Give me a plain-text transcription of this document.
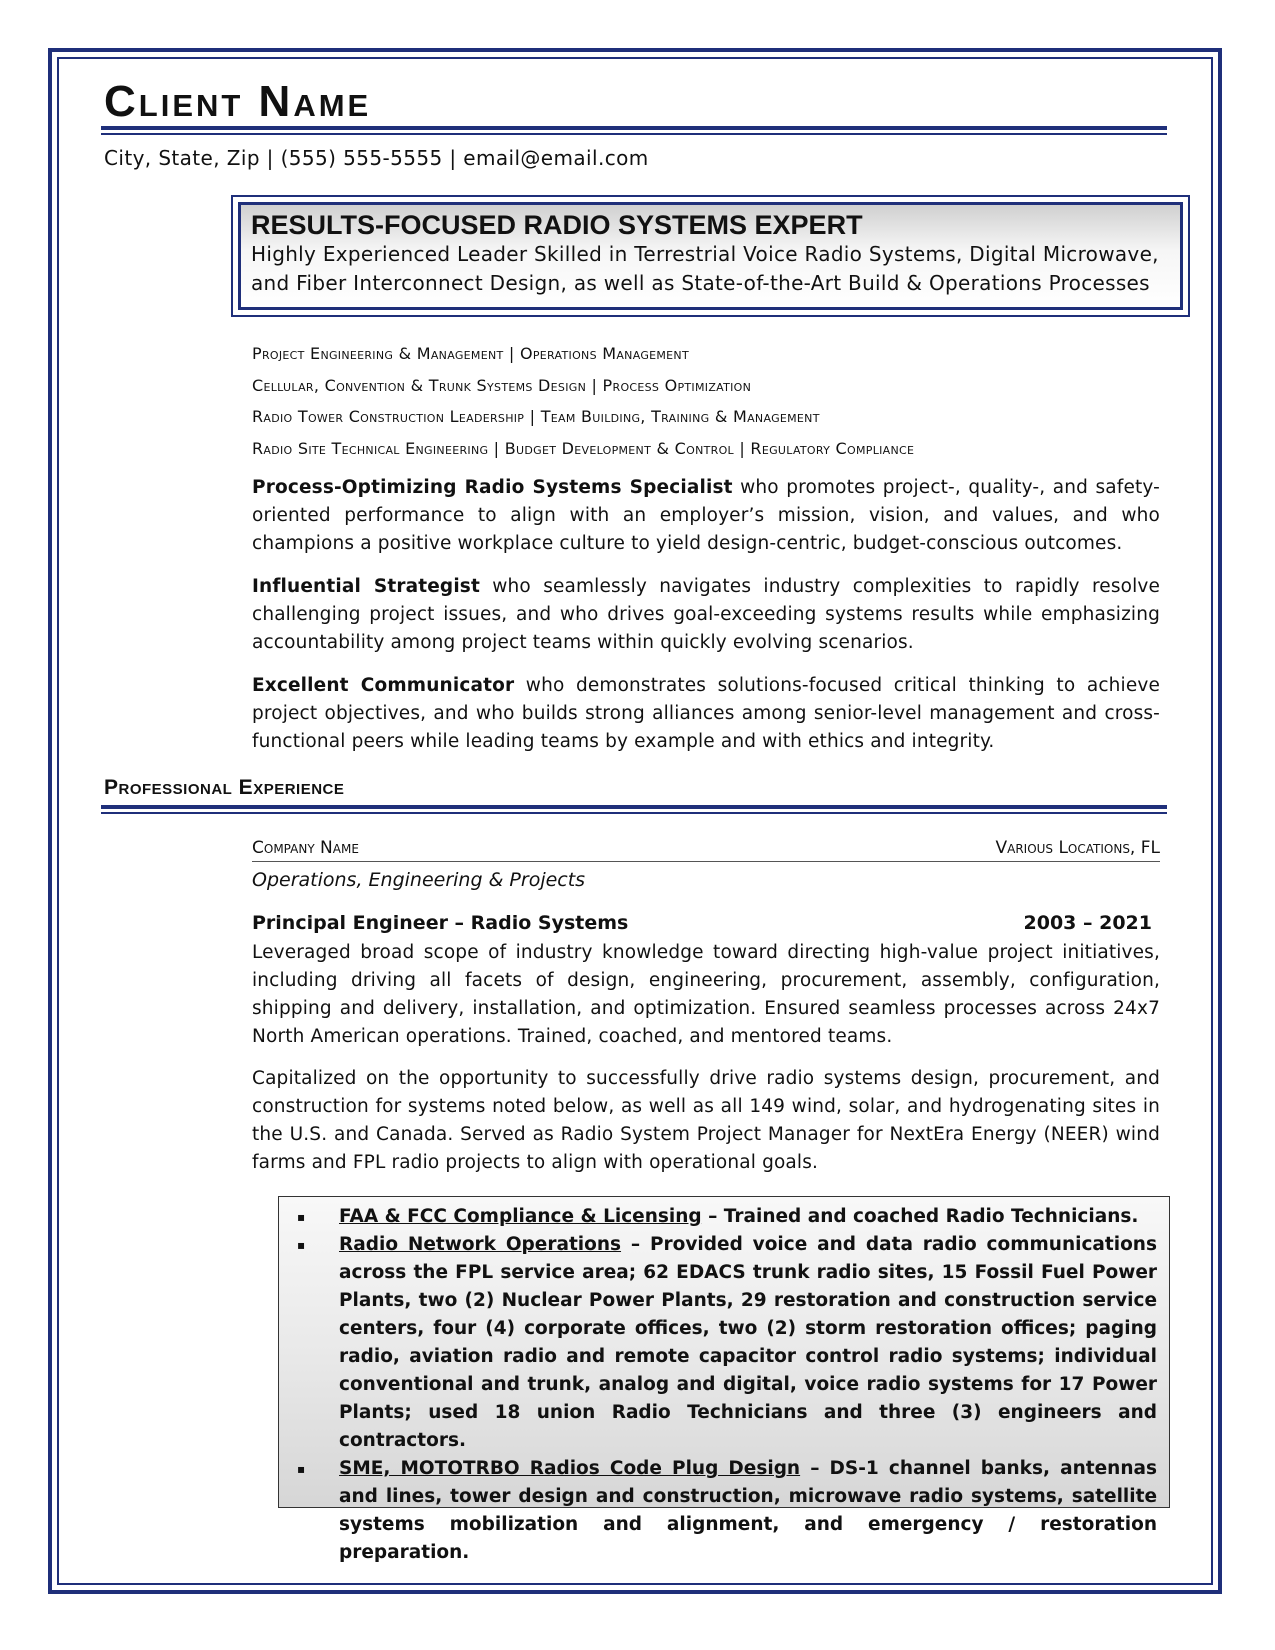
Client Name
City, State, Zip | (555) 555-5555 | email@email.com
RESULTS-FOCUSED RADIO SYSTEMS EXPERT
Highly Experienced Leader Skilled in Terrestrial Voice Radio Systems, Digital Microwave,
and Fiber Interconnect Design, as well as State-of-the-Art Build & Operations Processes
Project Engineering & Management | Operations Management
Cellular, Convention & Trunk Systems Design | Process Optimization
Radio Tower Construction Leadership | Team Building, Training & Management
Radio Site Technical Engineering | Budget Development & Control | Regulatory Compliance
Process-Optimizing Radio Systems Specialist who promotes project-, quality-, and safety-oriented performance to align with an employer’s mission, vision, and values, and who champions a positive workplace culture to yield design-centric, budget-conscious outcomes.
Influential Strategist who seamlessly navigates industry complexities to rapidly resolve challenging project issues, and who drives goal-exceeding systems results while emphasizing accountability among project teams within quickly evolving scenarios.
Excellent Communicator who demonstrates solutions-focused critical thinking to achieve project objectives, and who builds strong alliances among senior-level management and cross-functional peers while leading teams by example and with ethics and integrity.
Professional Experience
Company Name	Various Locations, FL
Operations, Engineering & Projects
Principal Engineer – Radio Systems	2003 – 2021
Leveraged broad scope of industry knowledge toward directing high-value project initiatives, including driving all facets of design, engineering, procurement, assembly, configuration, shipping and delivery, installation, and optimization. Ensured seamless processes across 24x7 North American operations. Trained, coached, and mentored teams.
Capitalized on the opportunity to successfully drive radio systems design, procurement, and construction for systems noted below, as well as all 149 wind, solar, and hydrogenating sites in the U.S. and Canada. Served as Radio System Project Manager for NextEra Energy (NEER) wind farms and FPL radio projects to align with operational goals.
▪ FAA & FCC Compliance & Licensing – Trained and coached Radio Technicians.
▪ Radio Network Operations – Provided voice and data radio communications across the FPL service area; 62 EDACS trunk radio sites, 15 Fossil Fuel Power Plants, two (2) Nuclear Power Plants, 29 restoration and construction service centers, four (4) corporate offices, two (2) storm restoration offices; paging radio, aviation radio and remote capacitor control radio systems; individual conventional and trunk, analog and digital, voice radio systems for 17 Power Plants; used 18 union Radio Technicians and three (3) engineers and contractors.
▪ SME, MOTOTRBO Radios Code Plug Design – DS-1 channel banks, antennas and lines, tower design and construction, microwave radio systems, satellite systems mobilization and alignment, and emergency / restoration preparation.
